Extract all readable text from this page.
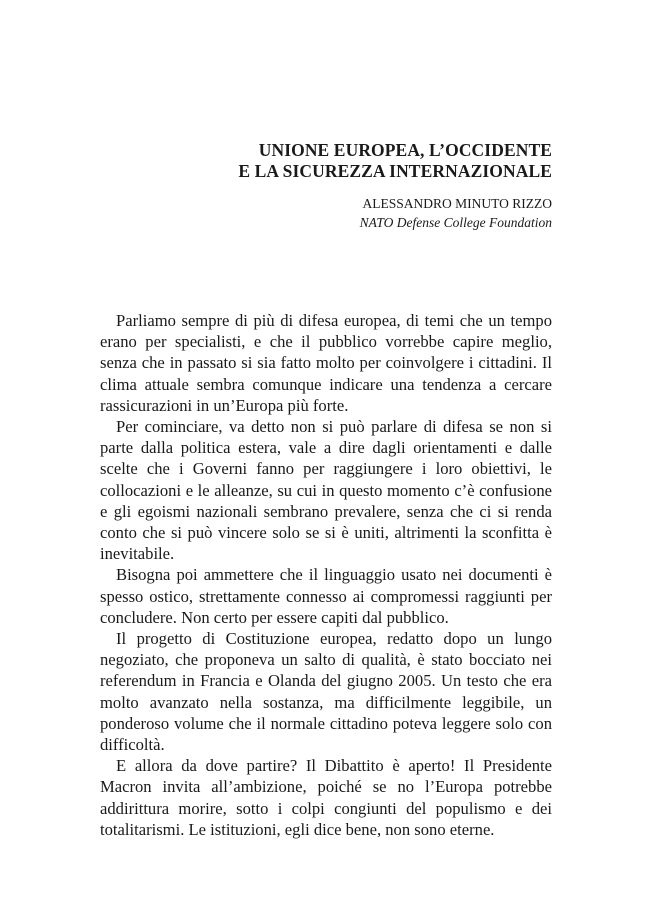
UNIONE EUROPEA, L’OCCIDENTE
E LA SICUREZZA INTERNAZIONALE
ALESSANDRO MINUTO RIZZO
NATO Defense College Foundation

Parliamo sempre di più di difesa europea, di temi che un tempo erano per specialisti, e che il pubblico vorrebbe capire meglio, senza che in passato si sia fatto molto per coinvolgere i cittadini. Il clima attuale sembra comunque indicare una tendenza a cercare rassicurazioni in un’Europa più forte.

Per cominciare, va detto non si può parlare di difesa se non si parte dalla politica estera, vale a dire dagli orientamenti e dalle scelte che i Governi fanno per raggiungere i loro obiettivi, le collocazioni e le alleanze, su cui in questo momento c’è confusione e gli egoismi nazionali sembrano prevalere, senza che ci si renda conto che si può vincere solo se si è uniti, altrimenti la sconfitta è inevitabile.

Bisogna poi ammettere che il linguaggio usato nei documenti è spesso ostico, strettamente connesso ai compromessi raggiunti per concludere. Non certo per essere capiti dal pubblico.

Il progetto di Costituzione europea, redatto dopo un lungo negoziato, che proponeva un salto di qualità, è stato bocciato nei referendum in Francia e Olanda del giugno 2005. Un testo che era molto avanzato nella sostanza, ma difficilmente leggibile, un ponderoso volume che il normale cittadino poteva leggere solo con difficoltà.

E allora da dove partire? Il Dibattito è aperto! Il Presidente Macron invita all’ambizione, poiché se no l’Europa potrebbe addirittura morire, sotto i colpi congiunti del populismo e dei totalitarismi. Le istituzioni, egli dice bene, non sono eterne.
